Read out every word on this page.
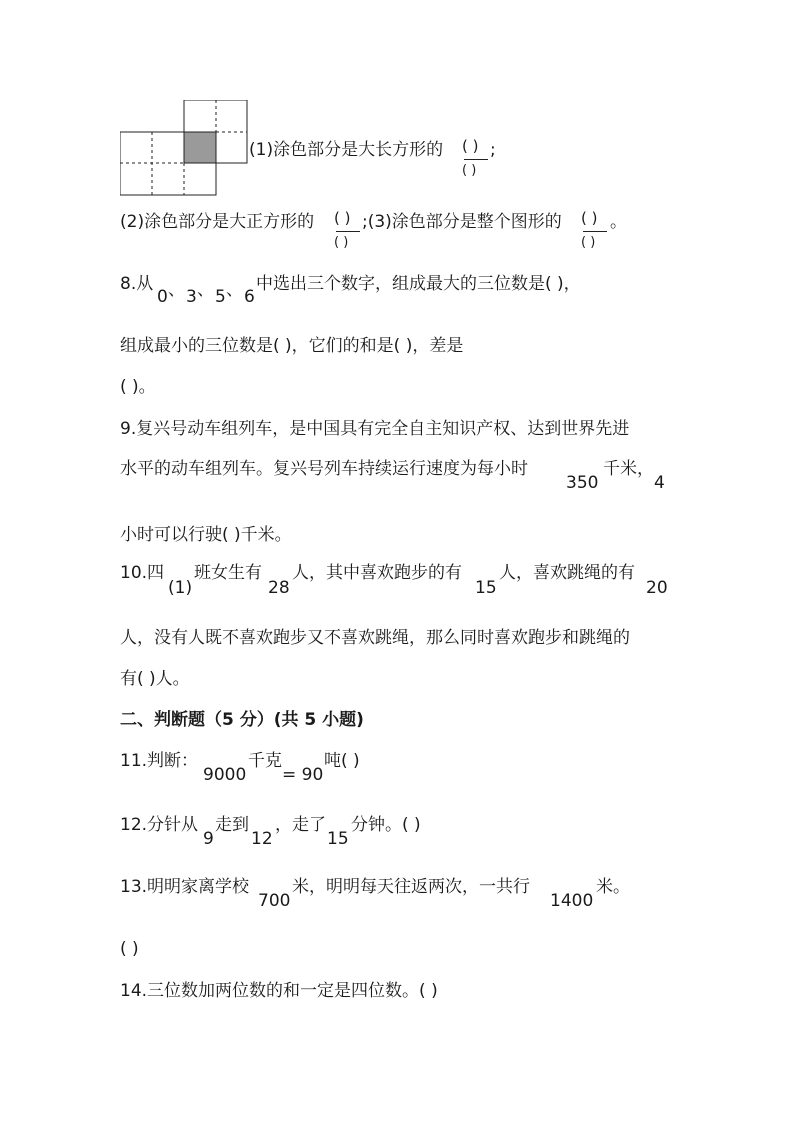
(1)涂色部分是大长方形的 ( )
( )
;
(2)涂色部分是大正方形的 ( )
( )
;(3)涂色部分是整个图形的 ( )
( )
。
8.从
0 、 3 、 5 、 6
中选出三个数字，组成最大的三位数是( )，
组成最小的三位数是( )，它们的和是( )，差是
( )。
9.复兴号动车组列车，是中国具有完全自主知识产权、达到世界先进
水平的动车组列车。复兴号列车持续运行速度为每小时
350
千米，
4
小时可以行驶( )千米。
10.四
(1)
班女生有
28
人，其中喜欢跑步的有
15
人，喜欢跳绳的有
20
人，没有人既不喜欢跑步又不喜欢跳绳，那么同时喜欢跑步和跳绳的
有( )人。
二、判断题（5 分）(共 5 小题)
11.判断：
9000
千克
= 90
吨( )
12.分针从
9
走到
12
，走了
15
分钟。( )
13.明明家离学校
700
米，明明每天往返两次，一共行
1400
米。
( )
14.三位数加两位数的和一定是四位数。( )
